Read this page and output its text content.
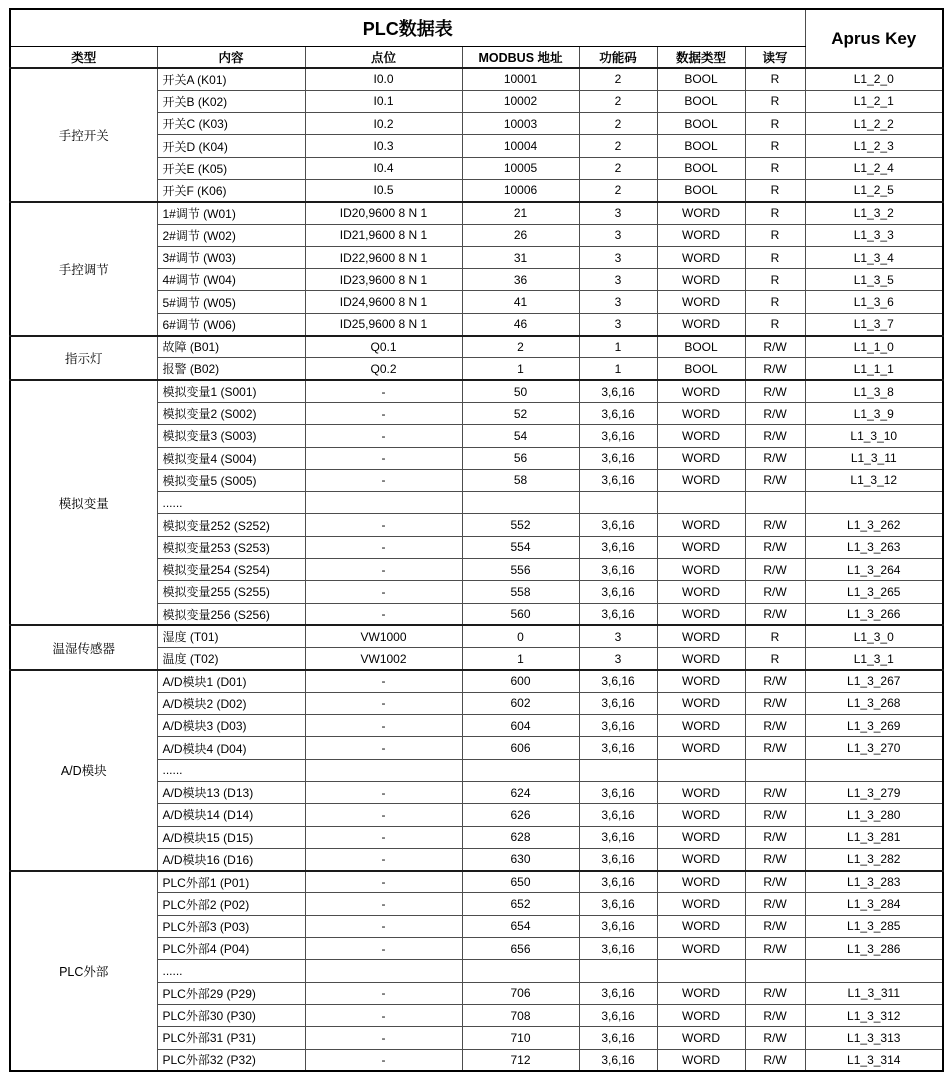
PLC数据表							Aprus Key
类型	内容	点位	MODBUS 地址	功能码	数据类型	读写	
手控开关	开关A (K01)	I0.0	10001	2	BOOL	R	L1_2_0
	开关B (K02)	I0.1	10002	2	BOOL	R	L1_2_1
	开关C (K03)	I0.2	10003	2	BOOL	R	L1_2_2
	开关D (K04)	I0.3	10004	2	BOOL	R	L1_2_3
	开关E (K05)	I0.4	10005	2	BOOL	R	L1_2_4
	开关F (K06)	I0.5	10006	2	BOOL	R	L1_2_5
手控调节	1#调节 (W01)	ID20,9600 8 N 1	21	3	WORD	R	L1_3_2
	2#调节 (W02)	ID21,9600 8 N 1	26	3	WORD	R	L1_3_3
	3#调节 (W03)	ID22,9600 8 N 1	31	3	WORD	R	L1_3_4
	4#调节 (W04)	ID23,9600 8 N 1	36	3	WORD	R	L1_3_5
	5#调节 (W05)	ID24,9600 8 N 1	41	3	WORD	R	L1_3_6
	6#调节 (W06)	ID25,9600 8 N 1	46	3	WORD	R	L1_3_7
指示灯	故障 (B01)	Q0.1	2	1	BOOL	R/W	L1_1_0
	报警 (B02)	Q0.2	1	1	BOOL	R/W	L1_1_1
模拟变量	模拟变量1 (S001)	-	50	3,6,16	WORD	R/W	L1_3_8
	模拟变量2 (S002)	-	52	3,6,16	WORD	R/W	L1_3_9
	模拟变量3 (S003)	-	54	3,6,16	WORD	R/W	L1_3_10
	模拟变量4 (S004)	-	56	3,6,16	WORD	R/W	L1_3_11
	模拟变量5 (S005)	-	58	3,6,16	WORD	R/W	L1_3_12
	......						
	模拟变量252 (S252)	-	552	3,6,16	WORD	R/W	L1_3_262
	模拟变量253 (S253)	-	554	3,6,16	WORD	R/W	L1_3_263
	模拟变量254 (S254)	-	556	3,6,16	WORD	R/W	L1_3_264
	模拟变量255 (S255)	-	558	3,6,16	WORD	R/W	L1_3_265
	模拟变量256 (S256)	-	560	3,6,16	WORD	R/W	L1_3_266
温湿传感器	湿度 (T01)	VW1000	0	3	WORD	R	L1_3_0
	温度 (T02)	VW1002	1	3	WORD	R	L1_3_1
A/D模块	A/D模块1 (D01)	-	600	3,6,16	WORD	R/W	L1_3_267
	A/D模块2 (D02)	-	602	3,6,16	WORD	R/W	L1_3_268
	A/D模块3 (D03)	-	604	3,6,16	WORD	R/W	L1_3_269
	A/D模块4 (D04)	-	606	3,6,16	WORD	R/W	L1_3_270
	......						
	A/D模块13 (D13)	-	624	3,6,16	WORD	R/W	L1_3_279
	A/D模块14 (D14)	-	626	3,6,16	WORD	R/W	L1_3_280
	A/D模块15 (D15)	-	628	3,6,16	WORD	R/W	L1_3_281
	A/D模块16 (D16)	-	630	3,6,16	WORD	R/W	L1_3_282
PLC外部	PLC外部1 (P01)	-	650	3,6,16	WORD	R/W	L1_3_283
	PLC外部2 (P02)	-	652	3,6,16	WORD	R/W	L1_3_284
	PLC外部3 (P03)	-	654	3,6,16	WORD	R/W	L1_3_285
	PLC外部4 (P04)	-	656	3,6,16	WORD	R/W	L1_3_286
	......						
	PLC外部29 (P29)	-	706	3,6,16	WORD	R/W	L1_3_311
	PLC外部30 (P30)	-	708	3,6,16	WORD	R/W	L1_3_312
	PLC外部31 (P31)	-	710	3,6,16	WORD	R/W	L1_3_313
	PLC外部32 (P32)	-	712	3,6,16	WORD	R/W	L1_3_314
